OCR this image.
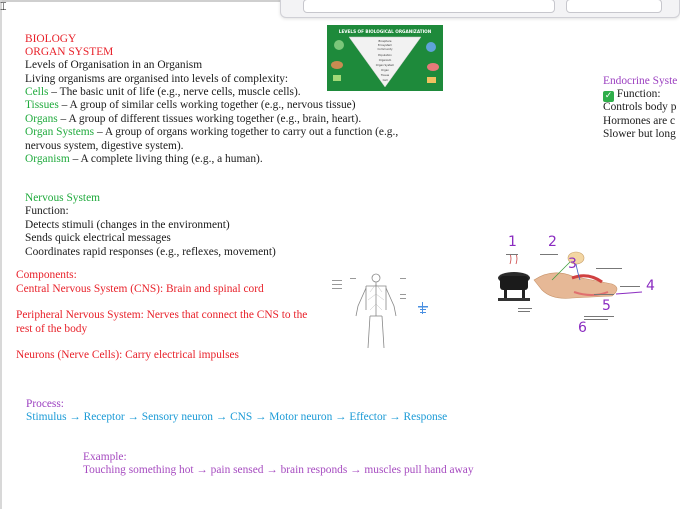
⌶
BIOLOGY
ORGAN SYSTEM
Levels of Organisation in an Organism
Living organisms are organised into levels of complexity:
Cells – The basic unit of life (e.g., nerve cells, muscle cells).
Tissues – A group of similar cells working together (e.g., nervous tissue)
Organs – A group of different tissues working together (e.g., brain, heart).
Organ Systems – A group of organs working together to carry out a function (e.g.,
nervous system, digestive system).
Organism – A complete living thing (e.g., a human).
Nervous System
Function:
Detects stimuli (changes in the environment)
Sends quick electrical messages
Coordinates rapid responses (e.g., reflexes, movement)
Components:
Central Nervous System (CNS): Brain and spinal cord
Peripheral Nervous System: Nerves that connect the CNS to the
rest of the body
Neurons (Nerve Cells): Carry electrical impulses
Process:
Stimulus → Receptor → Sensory neuron → CNS → Motor neuron → Effector → Response
Example:
Touching something hot → pain sensed → brain responds → muscles pull hand away
Endocrine Syste
✓ Function:
Controls body p
Hormones are c
Slower but long
LEVELS OF BIOLOGICAL ORGANIZATION
Biosphere
Ecosystem
Community
Population
Organism
Organ System
Organ
Tissue
Cell
1 2
3
4
5
6
